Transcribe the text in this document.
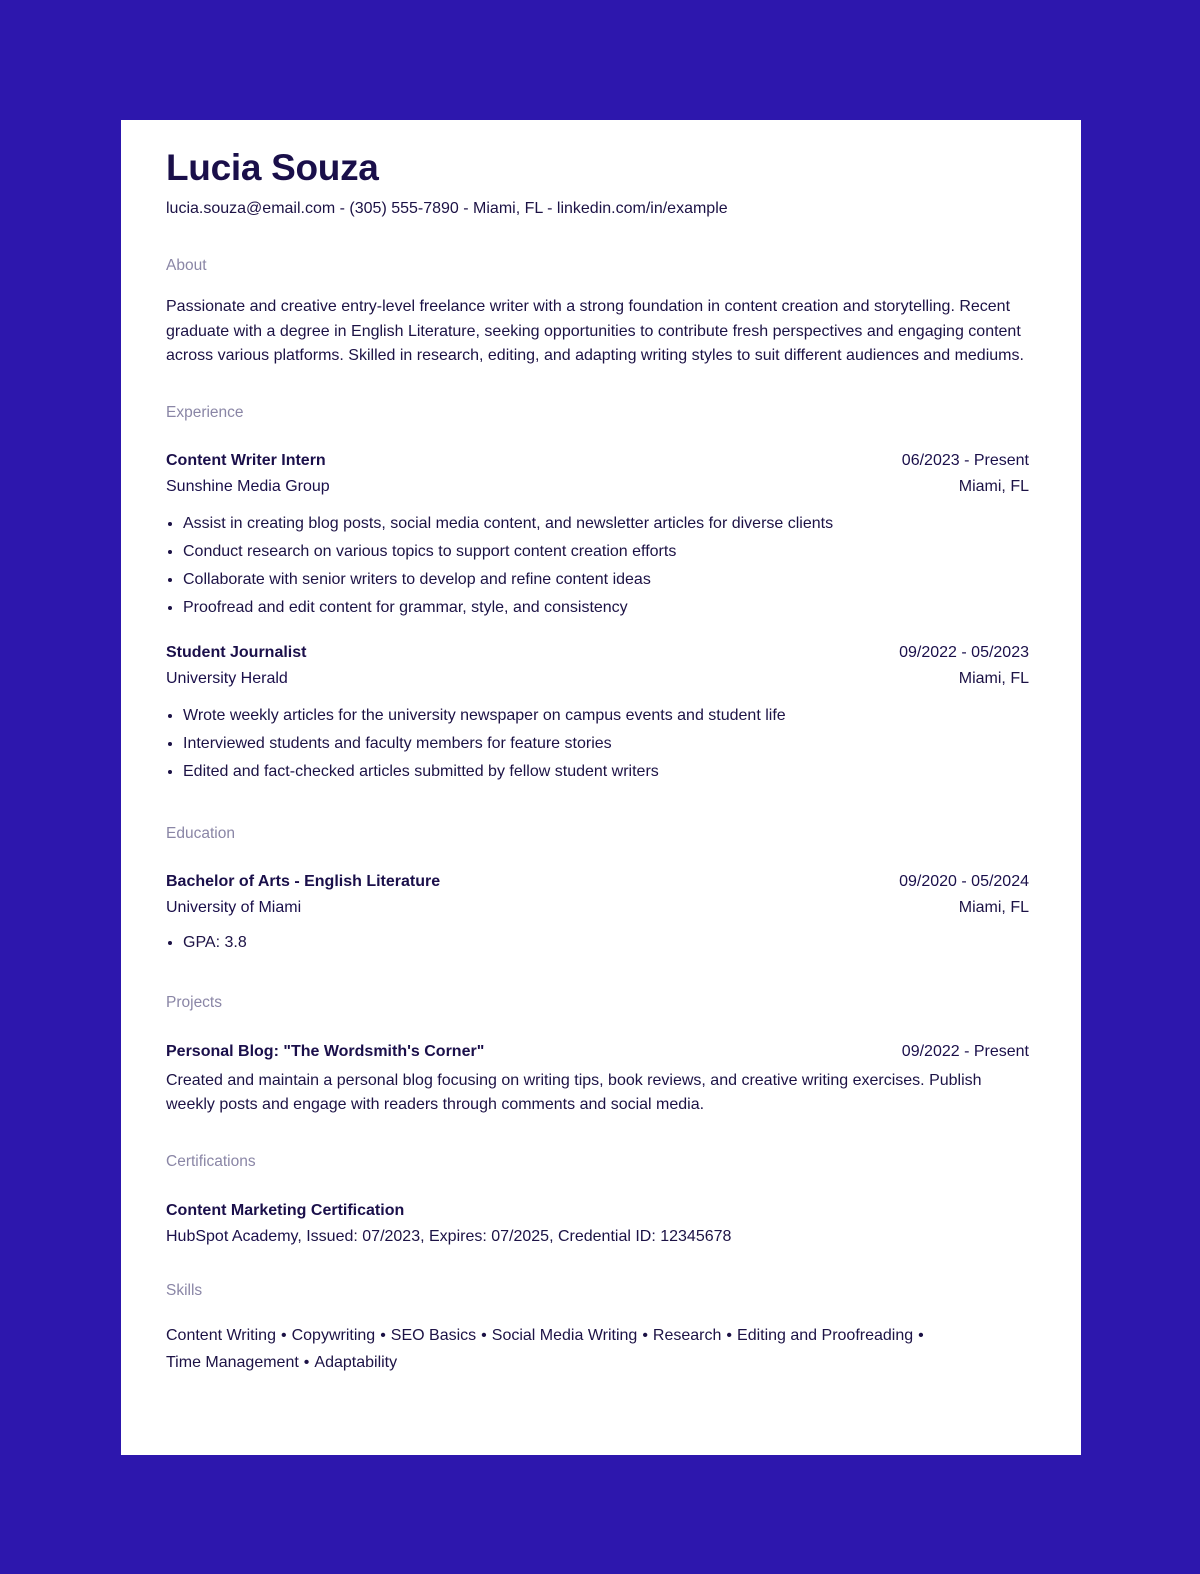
Lucia Souza
lucia.souza@email.com - (305) 555-7890 - Miami, FL - linkedin.com/in/example
About
Passionate and creative entry-level freelance writer with a strong foundation in content creation and storytelling. Recent graduate with a degree in English Literature, seeking opportunities to contribute fresh perspectives and engaging content across various platforms. Skilled in research, editing, and adapting writing styles to suit different audiences and mediums.
Experience
Content Writer Intern	06/2023 - Present
Sunshine Media Group	Miami, FL
• Assist in creating blog posts, social media content, and newsletter articles for diverse clients
• Conduct research on various topics to support content creation efforts
• Collaborate with senior writers to develop and refine content ideas
• Proofread and edit content for grammar, style, and consistency
Student Journalist	09/2022 - 05/2023
University Herald	Miami, FL
• Wrote weekly articles for the university newspaper on campus events and student life
• Interviewed students and faculty members for feature stories
• Edited and fact-checked articles submitted by fellow student writers
Education
Bachelor of Arts - English Literature	09/2020 - 05/2024
University of Miami	Miami, FL
• GPA: 3.8
Projects
Personal Blog: "The Wordsmith's Corner"	09/2022 - Present
Created and maintain a personal blog focusing on writing tips, book reviews, and creative writing exercises. Publish weekly posts and engage with readers through comments and social media.
Certifications
Content Marketing Certification
HubSpot Academy, Issued: 07/2023, Expires: 07/2025, Credential ID: 12345678
Skills
Content Writing • Copywriting • SEO Basics • Social Media Writing • Research • Editing and Proofreading •
Time Management • Adaptability
